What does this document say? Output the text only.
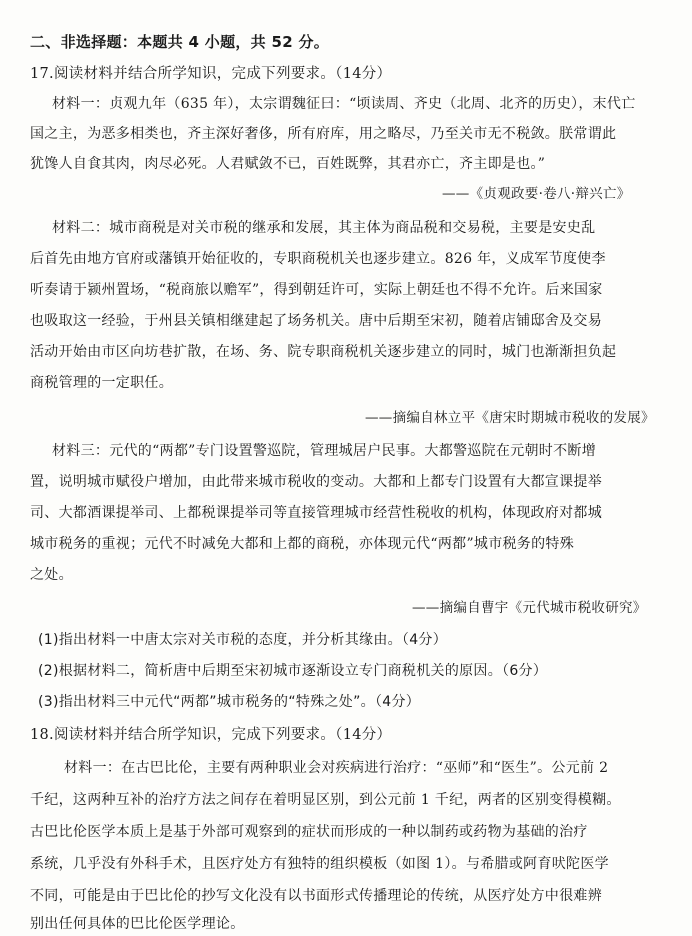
二、非选择题：本题共 4 小题，共 52 分。
17.阅读材料并结合所学知识，完成下列要求。（14分）
材料一：贞观九年（635 年），太宗谓魏征曰：“顷读周、齐史（北周、北齐的历史），末代亡
国之主，为恶多相类也，齐主深好奢侈，所有府库，用之略尽，乃至关市无不税敛。朕常谓此
犹馋人自食其肉，肉尽必死。人君赋敛不已，百姓既弊，其君亦亡，齐主即是也。”
——《贞观政要·卷八·辩兴亡》
材料二：城市商税是对关市税的继承和发展，其主体为商品税和交易税，主要是安史乱
后首先由地方官府或藩镇开始征收的，专职商税机关也逐步建立。826 年，义成军节度使李
听奏请于颍州置场，“税商旅以赡军”，得到朝廷许可，实际上朝廷也不得不允许。后来国家
也吸取这一经验，于州县关镇相继建起了场务机关。唐中后期至宋初，随着店铺邸舍及交易
活动开始由市区向坊巷扩散，在场、务、院专职商税机关逐步建立的同时，城门也渐渐担负起
商税管理的一定职任。
——摘编自林立平《唐宋时期城市税收的发展》
材料三：元代的“两都”专门设置警巡院，管理城居户民事。大都警巡院在元朝时不断增
置，说明城市赋役户增加，由此带来城市税收的变动。大都和上都专门设置有大都宣课提举
司、大都酒课提举司、上都税课提举司等直接管理城市经营性税收的机构，体现政府对都城
城市税务的重视；元代不时减免大都和上都的商税，亦体现元代“两都”城市税务的特殊
之处。
——摘编自曹宇《元代城市税收研究》
(1)指出材料一中唐太宗对关市税的态度，并分析其缘由。（4分）
(2)根据材料二，简析唐中后期至宋初城市逐渐设立专门商税机关的原因。（6分）
(3)指出材料三中元代“两都”城市税务的“特殊之处”。（4分）
18.阅读材料并结合所学知识，完成下列要求。（14分）
材料一：在古巴比伦，主要有两种职业会对疾病进行治疗：“巫师”和“医生”。公元前 2
千纪，这两种互补的治疗方法之间存在着明显区别，到公元前 1 千纪，两者的区别变得模糊。
古巴比伦医学本质上是基于外部可观察到的症状而形成的一种以制药或药物为基础的治疗
系统，几乎没有外科手术，且医疗处方有独特的组织模板（如图 1）。与希腊或阿育吠陀医学
不同，可能是由于巴比伦的抄写文化没有以书面形式传播理论的传统，从医疗处方中很难辨
别出任何具体的巴比伦医学理论。
